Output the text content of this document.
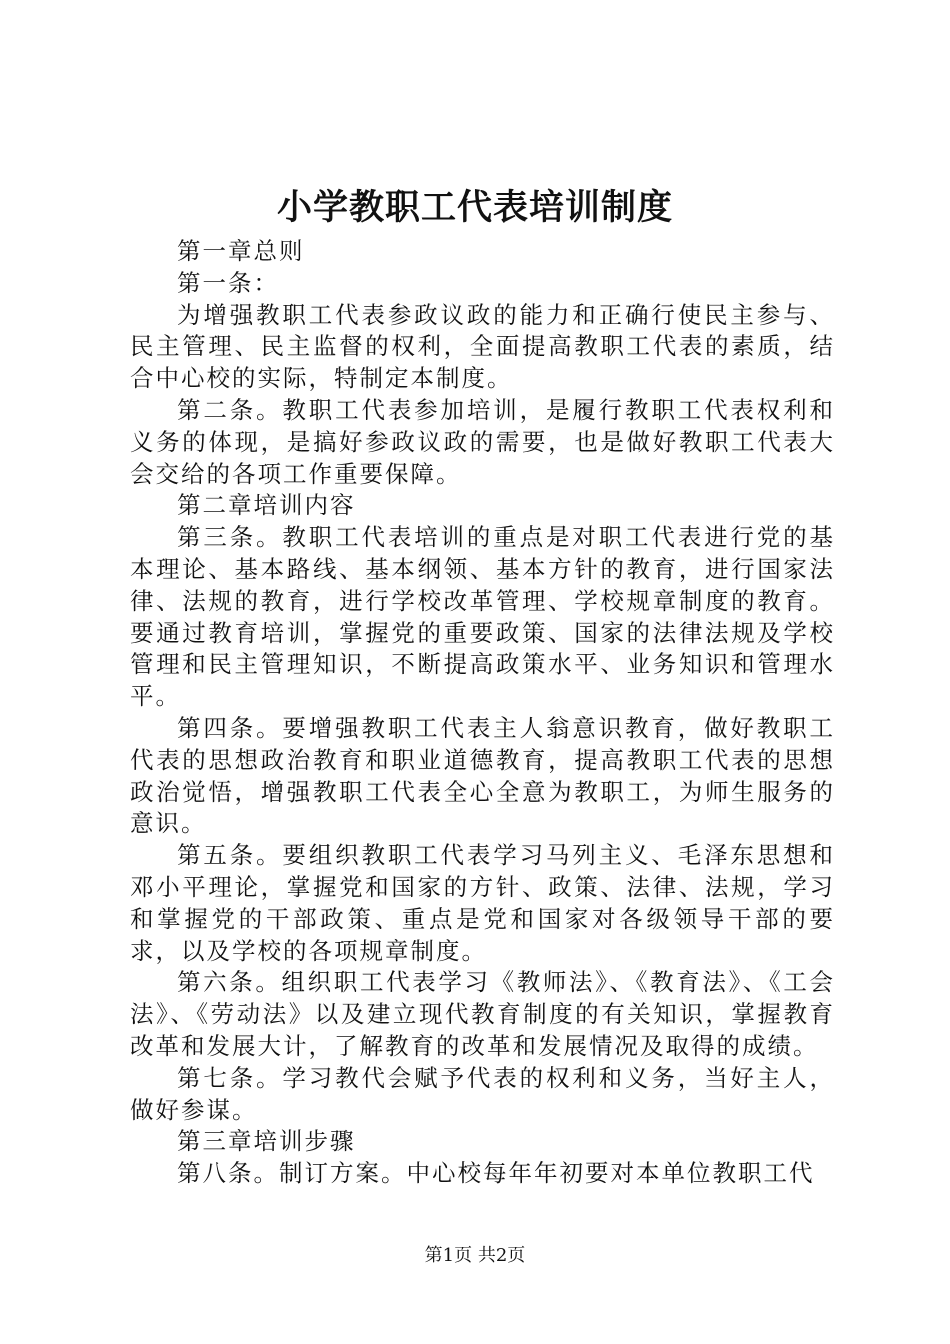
小学教职工代表培训制度

第一章总则

第一条：

为增强教职工代表参政议政的能力和正确行使民主参与、民主管理、民主监督的权利，全面提高教职工代表的素质，结合中心校的实际，特制定本制度。

第二条。教职工代表参加培训，是履行教职工代表权利和义务的体现，是搞好参政议政的需要，也是做好教职工代表大会交给的各项工作重要保障。

第二章培训内容

第三条。教职工代表培训的重点是对职工代表进行党的基本理论、基本路线、基本纲领、基本方针的教育，进行国家法律、法规的教育，进行学校改革管理、学校规章制度的教育。要通过教育培训，掌握党的重要政策、国家的法律法规及学校管理和民主管理知识，不断提高政策水平、业务知识和管理水平。

第四条。要增强教职工代表主人翁意识教育，做好教职工代表的思想政治教育和职业道德教育，提高教职工代表的思想政治觉悟，增强教职工代表全心全意为教职工，为师生服务的意识。

第五条。要组织教职工代表学习马列主义、毛泽东思想和邓小平理论，掌握党和国家的方针、政策、法律、法规，学习和掌握党的干部政策、重点是党和国家对各级领导干部的要求，以及学校的各项规章制度。

第六条。组织职工代表学习《教师法》、《教育法》、《工会法》、《劳动法》以及建立现代教育制度的有关知识，掌握教育改革和发展大计，了解教育的改革和发展情况及取得的成绩。

第七条。学习教代会赋予代表的权利和义务，当好主人，做好参谋。

第三章培训步骤

第八条。制订方案。中心校每年年初要对本单位教职工代

第1页 共2页
